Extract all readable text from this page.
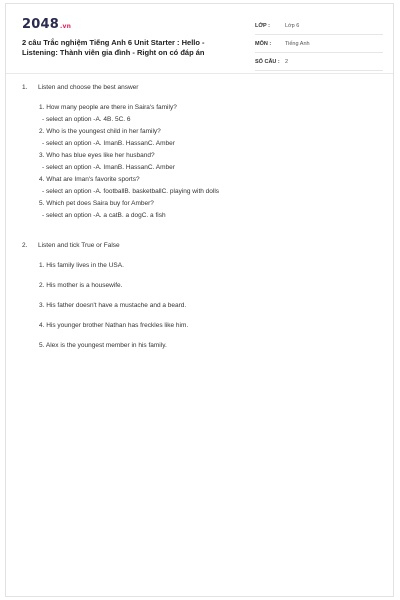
2048.vn
2 câu Trắc nghiệm Tiếng Anh 6 Unit Starter : Hello - Listening: Thành viên gia đình - Right on có đáp án
LỚP :	Lớp 6
MÔN :	Tiếng Anh
SỐ CÂU : 2
1.	Listen and choose the best answer
1. How many people are there in Saira's family?
- select an option -A. 4B. 5C. 6
2. Who is the youngest child in her family?
- select an option -A. ImanB. HassanC. Amber
3. Who has blue eyes like her husband?
- select an option -A. ImanB. HassanC. Amber
4. What are Iman's favorite sports?
- select an option -A. footballB. basketballC. playing with dolls
5. Which pet does Saira buy for Amber?
- select an option -A. a catB. a dogC. a fish
2.	Listen and tick True or False
1. His family lives in the USA.
2. His mother is a housewife.
3. His father doesn't have a mustache and a beard.
4. His younger brother Nathan has freckles like him.
5. Alex is the youngest member in his family.
